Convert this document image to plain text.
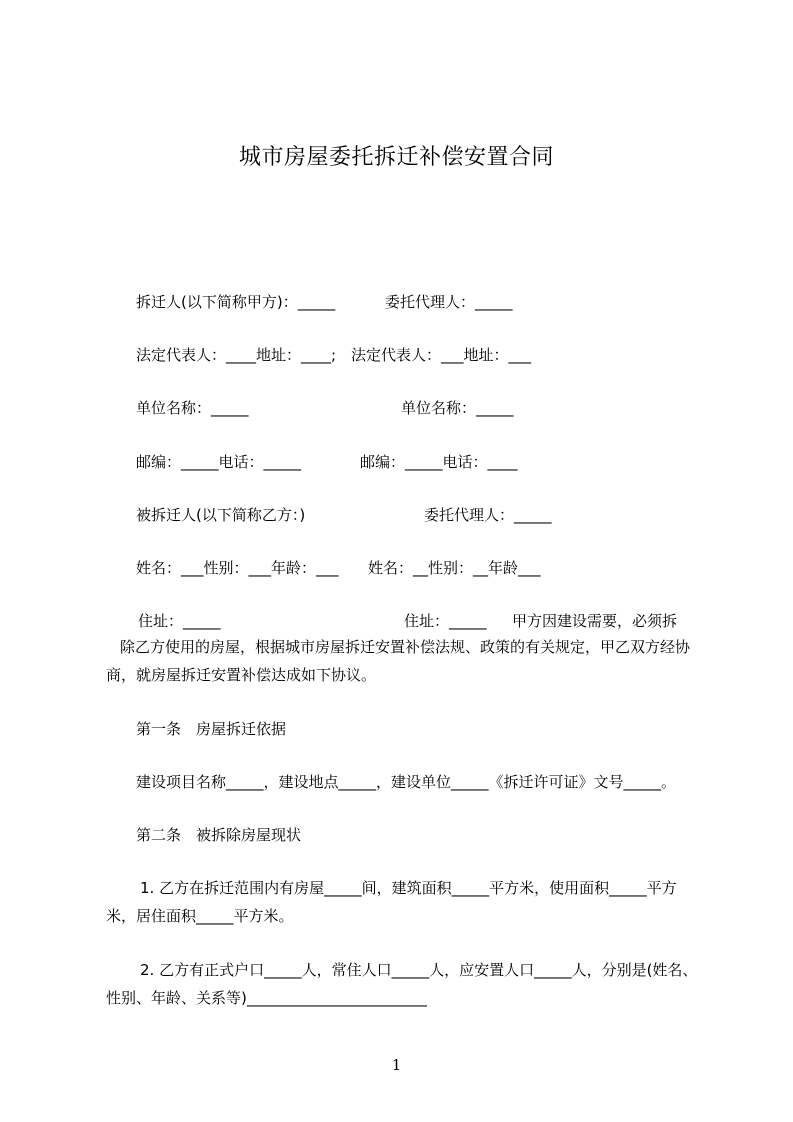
城市房屋委托拆迁补偿安置合同
拆迁人(以下简称甲方)：_____	委托代理人：_____
法定代表人：____地址：____;　法定代表人：___地址：___
单位名称：_____	单位名称：_____
邮编：_____电话：_____	邮编：_____电话：____
被拆迁人(以下简称乙方：)	委托代理人：_____
姓名：___性别：___年龄：___ 姓名：__性别：__年龄___
住址：_____	住址：_____ 甲方因建设需要，必须拆
除乙方使用的房屋，根据城市房屋拆迁安置补偿法规、政策的有关规定，甲乙双方经协商，就房屋拆迁安置补偿达成如下协议。
第一条　房屋拆迁依据
建设项目名称_____，建设地点_____，建设单位_____《拆迁许可证》文号_____。
第二条　被拆除房屋现状
1. 乙方在拆迁范围内有房屋_____间，建筑面积_____平方米，使用面积_____平方米，居住面积_____平方米。
2. 乙方有正式户口_____人，常住人口_____人，应安置人口_____人，分别是(姓名、性别、年龄、关系等)________________________
1
